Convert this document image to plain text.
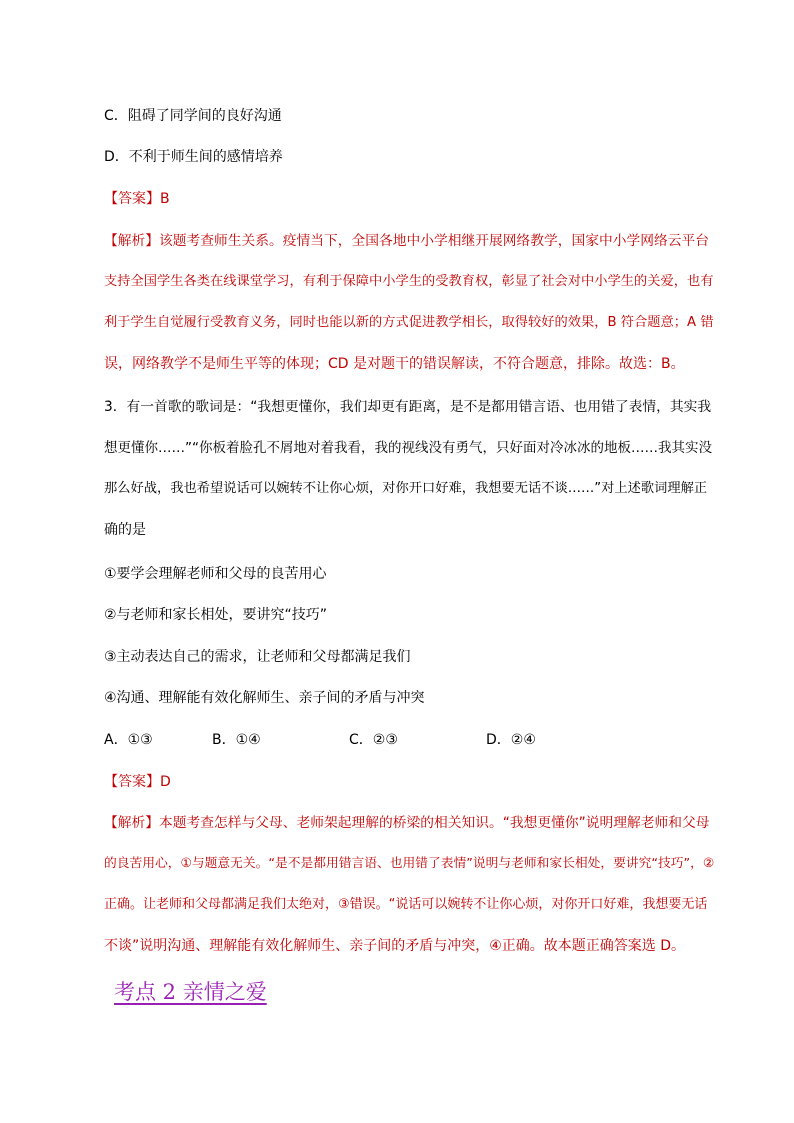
C．阻碍了同学间的良好沟通
D．不利于师生间的感情培养
【答案】B
【解析】该题考查师生关系。疫情当下，全国各地中小学相继开展网络教学，国家中小学网络云平台
支持全国学生各类在线课堂学习，有利于保障中小学生的受教育权，彰显了社会对中小学生的关爱，也有
利于学生自觉履行受教育义务，同时也能以新的方式促进教学相长，取得较好的效果，B 符合题意；A 错
误，网络教学不是师生平等的体现；CD 是对题干的错误解读，不符合题意，排除。故选：B。
3．有一首歌的歌词是：“我想更懂你，我们却更有距离，是不是都用错言语、也用错了表情，其实我
想更懂你……”“你板着脸孔不屑地对着我看，我的视线没有勇气，只好面对冷冰冰的地板……我其实没
那么好战，我也希望说话可以婉转不让你心烦，对你开口好难，我想要无话不谈……”对上述歌词理解正
确的是
①要学会理解老师和父母的良苦用心
②与老师和家长相处，要讲究“技巧”
③主动表达自己的需求，让老师和父母都满足我们
④沟通、理解能有效化解师生、亲子间的矛盾与冲突
A．①③	B．①④	C．②③	D．②④
【答案】D
【解析】本题考查怎样与父母、老师架起理解的桥梁的相关知识。“我想更懂你”说明理解老师和父母
的良苦用心，①与题意无关。“是不是都用错言语、也用错了表情”说明与老师和家长相处，要讲究“技巧”，②
正确。让老师和父母都满足我们太绝对，③错误。“说话可以婉转不让你心烦，对你开口好难，我想要无话
不谈”说明沟通、理解能有效化解师生、亲子间的矛盾与冲突，④正确。故本题正确答案选 D。
考点 2 亲情之爱
